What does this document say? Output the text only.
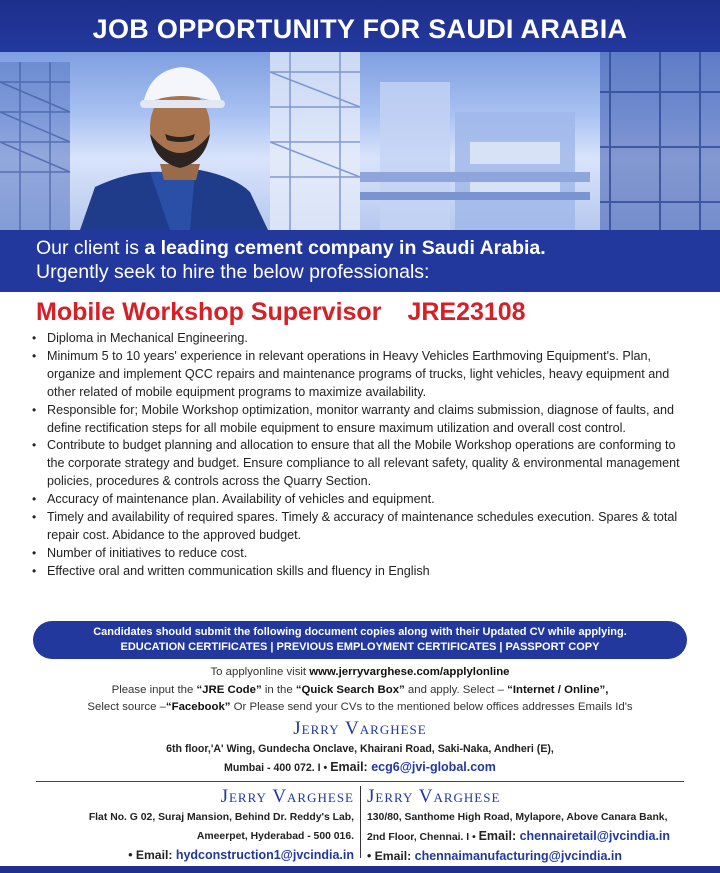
JOB OPPORTUNITY FOR SAUDI ARABIA
Our client is a leading cement company in Saudi Arabia.
Urgently seek to hire the below professionals:
Mobile Workshop Supervisor JRE23108
• Diploma in Mechanical Engineering.
• Minimum 5 to 10 years' experience in relevant operations in Heavy Vehicles Earthmoving Equipment's. Plan, organize and implement QCC repairs and maintenance programs of trucks, light vehicles, heavy equipment and other related of mobile equipment programs to maximize availability.
• Responsible for; Mobile Workshop optimization, monitor warranty and claims submission, diagnose of faults, and define rectification steps for all mobile equipment to ensure maximum utilization and overall cost control.
• Contribute to budget planning and allocation to ensure that all the Mobile Workshop operations are conforming to the corporate strategy and budget. Ensure compliance to all relevant safety, quality & environmental management policies, procedures & controls across the Quarry Section.
• Accuracy of maintenance plan. Availability of vehicles and equipment.
• Timely and availability of required spares. Timely & accuracy of maintenance schedules execution. Spares & total repair cost. Abidance to the approved budget.
• Number of initiatives to reduce cost.
• Effective oral and written communication skills and fluency in English
Candidates should submit the following document copies along with their Updated CV while applying.
EDUCATION CERTIFICATES | PREVIOUS EMPLOYMENT CERTIFICATES | PASSPORT COPY
To applyonline visit www.jerryvarghese.com/applylonline
Please input the “JRE Code” in the “Quick Search Box” and apply. Select – “Internet / Online”,
Select source –“Facebook” Or Please send your CVs to the mentioned below offices addresses Emails Id's
Jerry Varghese
6th floor,'A' Wing, Gundecha Onclave, Khairani Road, Saki-Naka, Andheri (E),
Mumbai - 400 072. I • Email: ecg6@jvi-global.com
Jerry Varghese
Flat No. G 02, Suraj Mansion, Behind Dr. Reddy's Lab,
Ameerpet, Hyderabad - 500 016.
• Email: hydconstruction1@jvcindia.in
Jerry Varghese
130/80, Santhome High Road, Mylapore, Above Canara Bank,
2nd Floor, Chennai. I • Email: chennairetail@jvcindia.in
• Email: chennaimanufacturing@jvcindia.in
